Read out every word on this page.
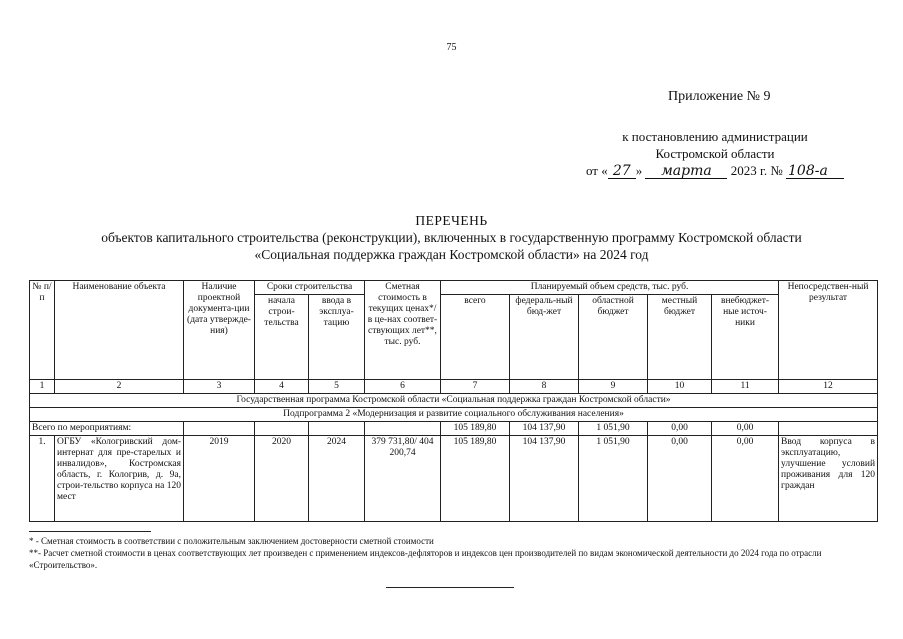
75
Приложение № 9
к постановлению администрации
Костромской области
от « 27 » марта 2023 г. № 108-а
ПЕРЕЧЕНЬ
объектов капитального строительства (реконструкции), включенных в государственную программу Костромской области
«Социальная поддержка граждан Костромской области» на 2024 год
№ п/п	Наименование объекта	Наличие проектной документа-ции (дата утвержде-ния)	Сроки строительства		Сметная стоимость в текущих ценах*/в це-нах соответ-ствующих лет**, тыс. руб.	Планируемый объем средств, тыс. руб.					Непосредствен-ный результат
			начала строи-тельства	ввода в эксплуа-тацию		всего	федераль-ный бюд-жет	областной бюджет	местный бюджет	внебюджет-ные источ-ники	
1	2	3	4	5	6	7	8	9	10	11	12
Государственная программа Костромской области «Социальная поддержка граждан Костромской области»											
Подпрограмма 2 «Модернизация и развитие социального обслуживания населения»											
Всего по мероприятиям:						105 189,80	104 137,90	1 051,90	0,00	0,00	
1.	ОГБУ «Кологривский дом-интернат для пре-старелых и инвалидов», Костромская область, г. Кологрив, д. 9а, строи-тельство корпуса на 120 мест	2019	2020	2024	379 731,80/ 404 200,74	105 189,80	104 137,90	1 051,90	0,00	0,00	Ввод корпуса в эксплуатацию, улучшение условий проживания для 120 граждан
* - Сметная стоимость в соответствии с положительным заключением достоверности сметной стоимости
**- Расчет сметной стоимости в ценах соответствующих лет произведен с применением индексов-дефляторов и индексов цен производителей по видам экономической деятельности до 2024 года по отрасли «Строительство».
